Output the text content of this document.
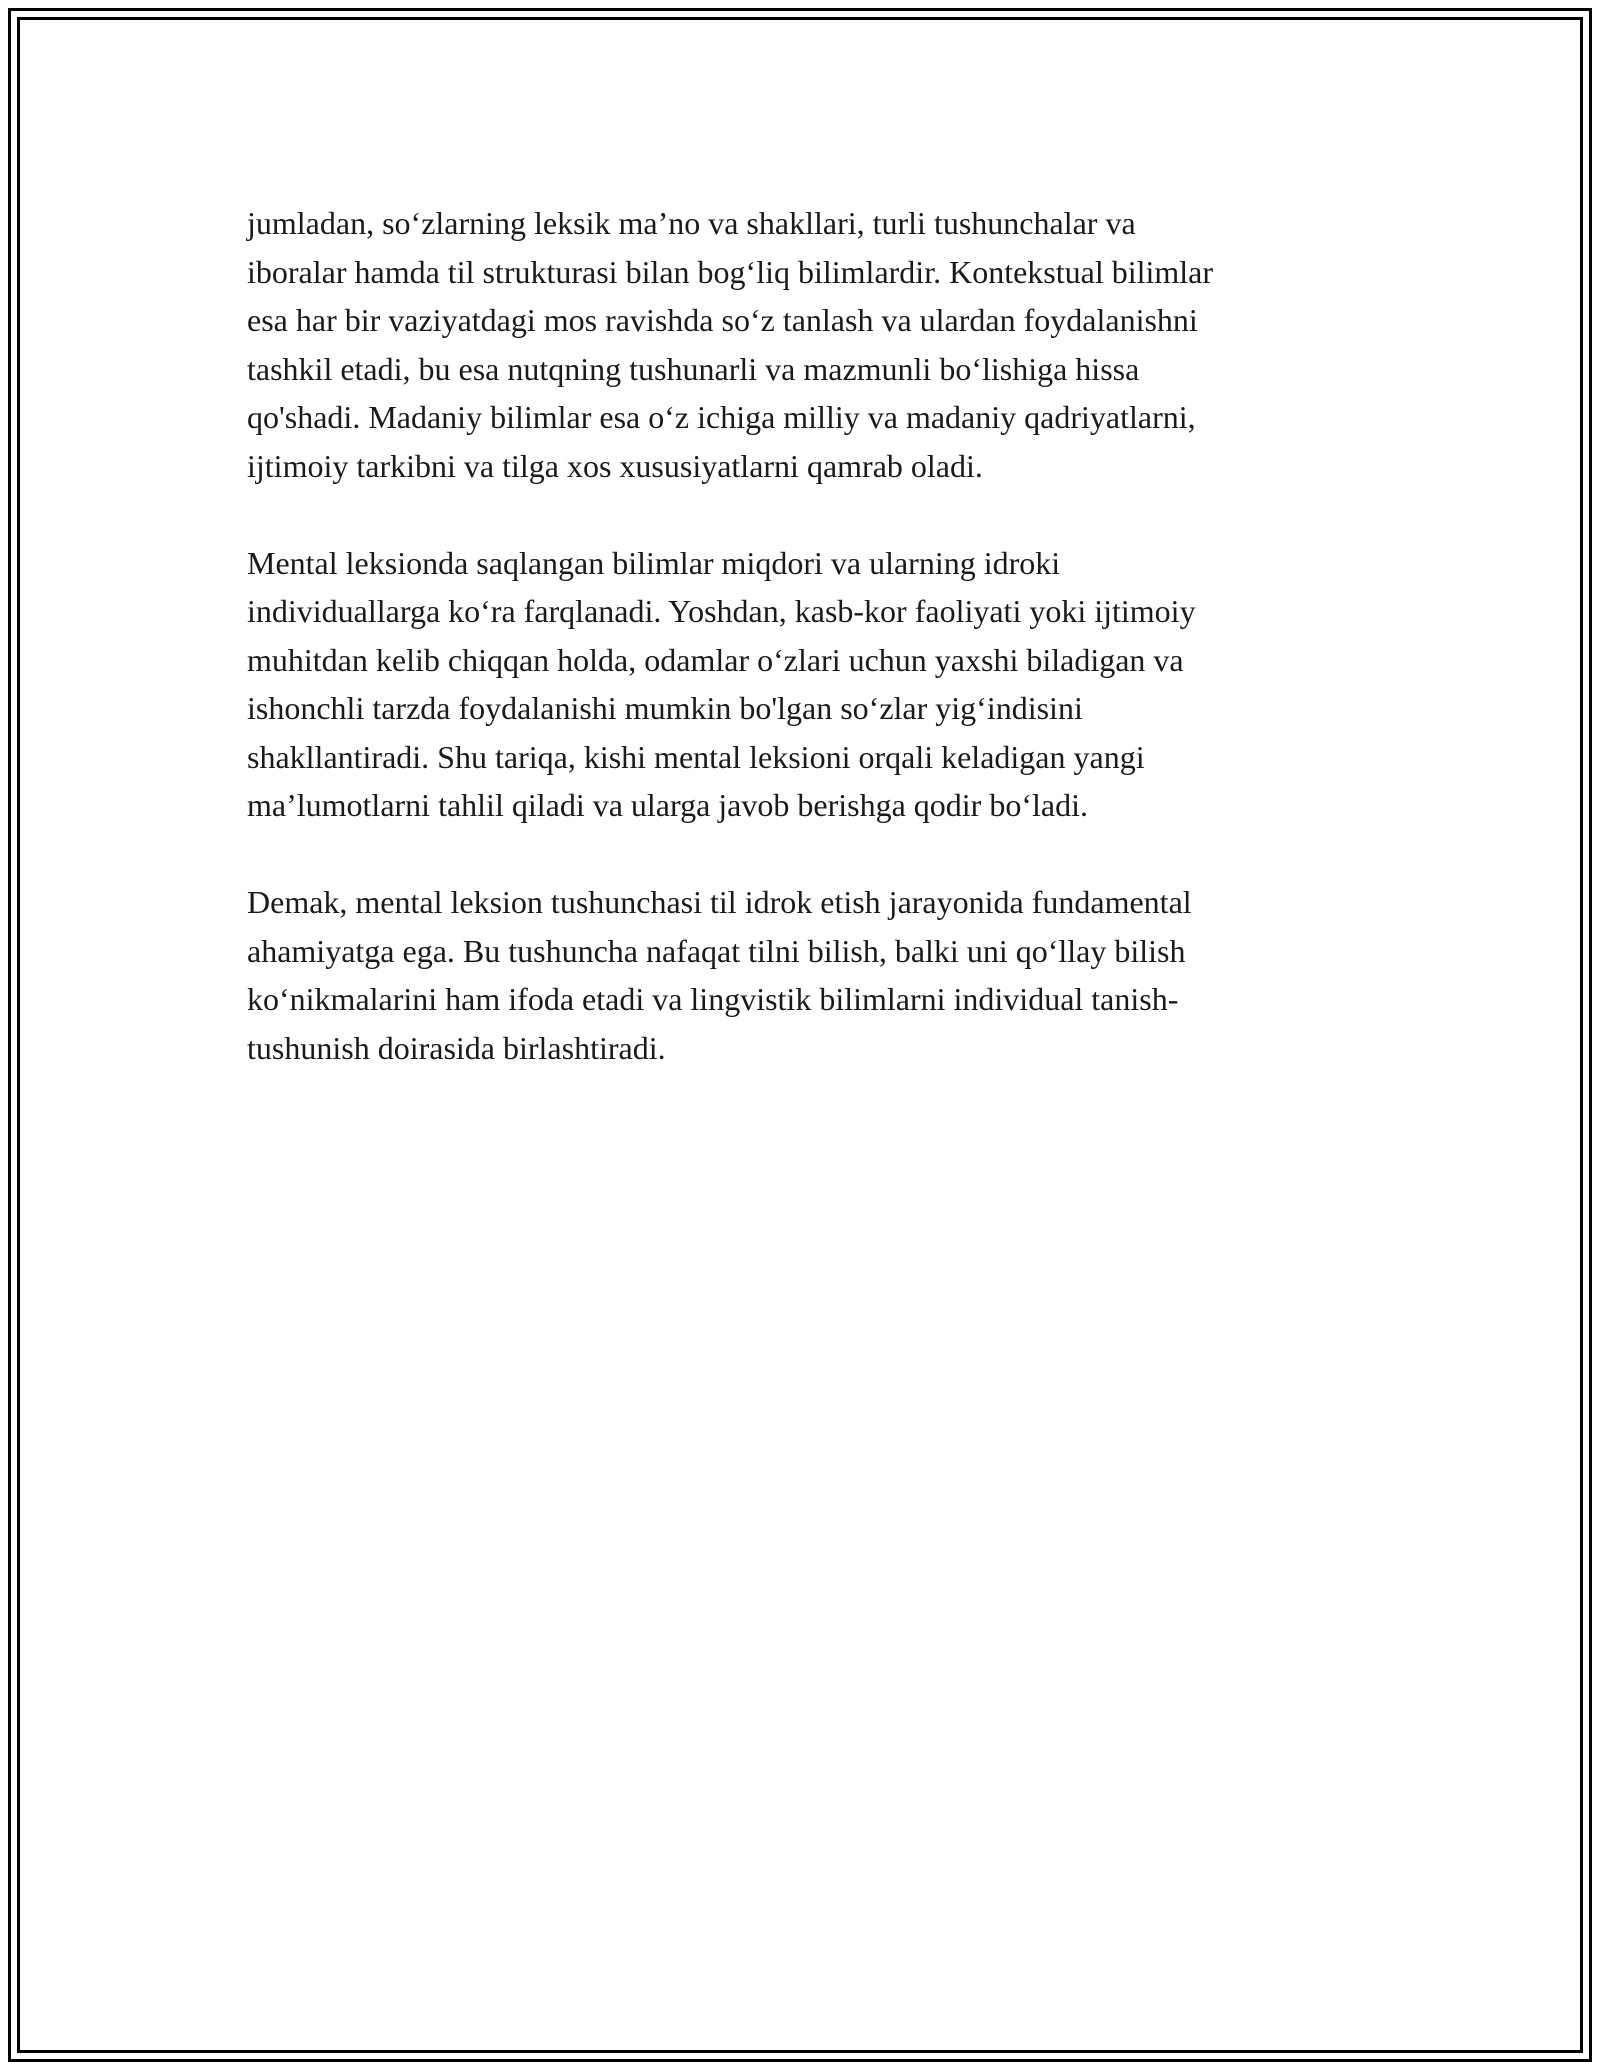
jumladan, so‘zlarning leksik ma’no va shakllari, turli tushunchalar va
iboralar hamda til strukturasi bilan bog‘liq bilimlardir. Kontekstual bilimlar
esa har bir vaziyatdagi mos ravishda so‘z tanlash va ulardan foydalanishni
tashkil etadi, bu esa nutqning tushunarli va mazmunli bo‘lishiga hissa
qo'shadi. Madaniy bilimlar esa o‘z ichiga milliy va madaniy qadriyatlarni,
ijtimoiy tarkibni va tilga xos xususiyatlarni qamrab oladi.

Mental leksionda saqlangan bilimlar miqdori va ularning idroki
individuallarga ko‘ra farqlanadi. Yoshdan, kasb-kor faoliyati yoki ijtimoiy
muhitdan kelib chiqqan holda, odamlar o‘zlari uchun yaxshi biladigan va
ishonchli tarzda foydalanishi mumkin bo'lgan so‘zlar yig‘indisini
shakllantiradi. Shu tariqa, kishi mental leksioni orqali keladigan yangi
ma’lumotlarni tahlil qiladi va ularga javob berishga qodir bo‘ladi.

Demak, mental leksion tushunchasi til idrok etish jarayonida fundamental
ahamiyatga ega. Bu tushuncha nafaqat tilni bilish, balki uni qo‘llay bilish
ko‘nikmalarini ham ifoda etadi va lingvistik bilimlarni individual tanish-
tushunish doirasida birlashtiradi.
